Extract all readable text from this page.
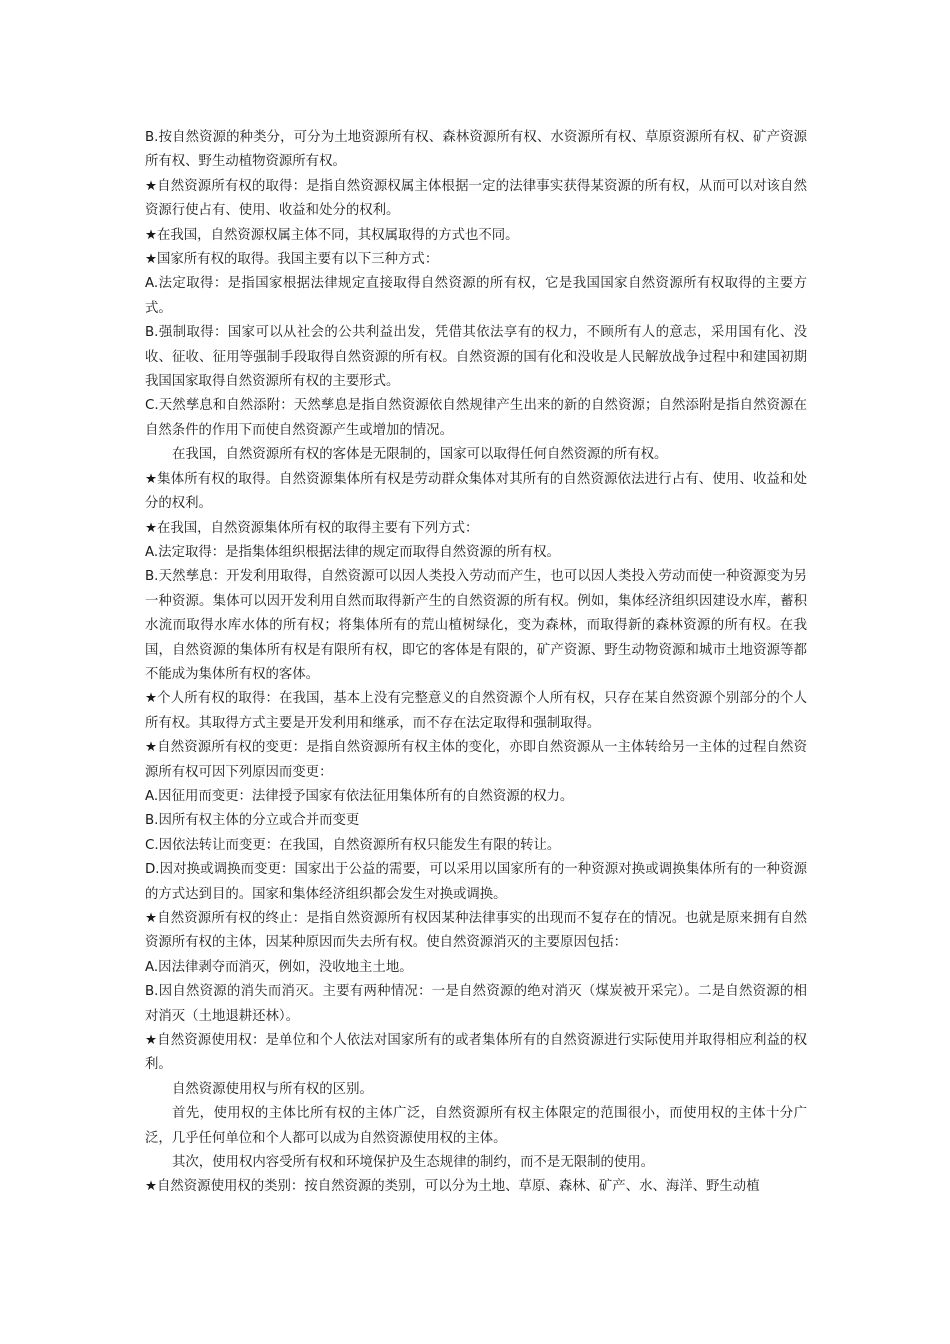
B.按自然资源的种类分，可分为土地资源所有权、森林资源所有权、水资源所有权、草原资源所有权、矿产资源所有权、野生动植物资源所有权。

★自然资源所有权的取得：是指自然资源权属主体根据一定的法律事实获得某资源的所有权，从而可以对该自然资源行使占有、使用、收益和处分的权利。

★在我国，自然资源权属主体不同，其权属取得的方式也不同。

★国家所有权的取得。我国主要有以下三种方式：

A.法定取得：是指国家根据法律规定直接取得自然资源的所有权，它是我国国家自然资源所有权取得的主要方式。

B.强制取得：国家可以从社会的公共利益出发，凭借其依法享有的权力，不顾所有人的意志，采用国有化、没收、征收、征用等强制手段取得自然资源的所有权。自然资源的国有化和没收是人民解放战争过程中和建国初期我国国家取得自然资源所有权的主要形式。

C.天然孳息和自然添附：天然孳息是指自然资源依自然规律产生出来的新的自然资源；自然添附是指自然资源在自然条件的作用下而使自然资源产生或增加的情况。

在我国，自然资源所有权的客体是无限制的，国家可以取得任何自然资源的所有权。

★集体所有权的取得。自然资源集体所有权是劳动群众集体对其所有的自然资源依法进行占有、使用、收益和处分的权利。

★在我国，自然资源集体所有权的取得主要有下列方式：

A.法定取得：是指集体组织根据法律的规定而取得自然资源的所有权。

B.天然孳息：开发利用取得，自然资源可以因人类投入劳动而产生，也可以因人类投入劳动而使一种资源变为另一种资源。集体可以因开发利用自然而取得新产生的自然资源的所有权。例如，集体经济组织因建设水库，蓄积水流而取得水库水体的所有权；将集体所有的荒山植树绿化，变为森林，而取得新的森林资源的所有权。在我国，自然资源的集体所有权是有限所有权，即它的客体是有限的，矿产资源、野生动物资源和城市土地资源等都不能成为集体所有权的客体。

★个人所有权的取得：在我国，基本上没有完整意义的自然资源个人所有权，只存在某自然资源个别部分的个人所有权。其取得方式主要是开发利用和继承，而不存在法定取得和强制取得。

★自然资源所有权的变更：是指自然资源所有权主体的变化，亦即自然资源从一主体转给另一主体的过程自然资源所有权可因下列原因而变更：

A.因征用而变更：法律授予国家有依法征用集体所有的自然资源的权力。

B.因所有权主体的分立或合并而变更

C.因依法转让而变更：在我国，自然资源所有权只能发生有限的转让。

D.因对换或调换而变更：国家出于公益的需要，可以采用以国家所有的一种资源对换或调换集体所有的一种资源的方式达到目的。国家和集体经济组织都会发生对换或调换。

★自然资源所有权的终止：是指自然资源所有权因某种法律事实的出现而不复存在的情况。也就是原来拥有自然资源所有权的主体，因某种原因而失去所有权。使自然资源消灭的主要原因包括：

A.因法律剥夺而消灭，例如，没收地主土地。

B.因自然资源的消失而消灭。主要有两种情况：一是自然资源的绝对消灭（煤炭被开采完）。二是自然资源的相对消灭（土地退耕还林）。

★自然资源使用权：是单位和个人依法对国家所有的或者集体所有的自然资源进行实际使用并取得相应利益的权利。

自然资源使用权与所有权的区别。

首先，使用权的主体比所有权的主体广泛，自然资源所有权主体限定的范围很小，而使用权的主体十分广泛，几乎任何单位和个人都可以成为自然资源使用权的主体。

其次，使用权内容受所有权和环境保护及生态规律的制约，而不是无限制的使用。

★自然资源使用权的类别：按自然资源的类别，可以分为土地、草原、森林、矿产、水、海洋、野生动植
